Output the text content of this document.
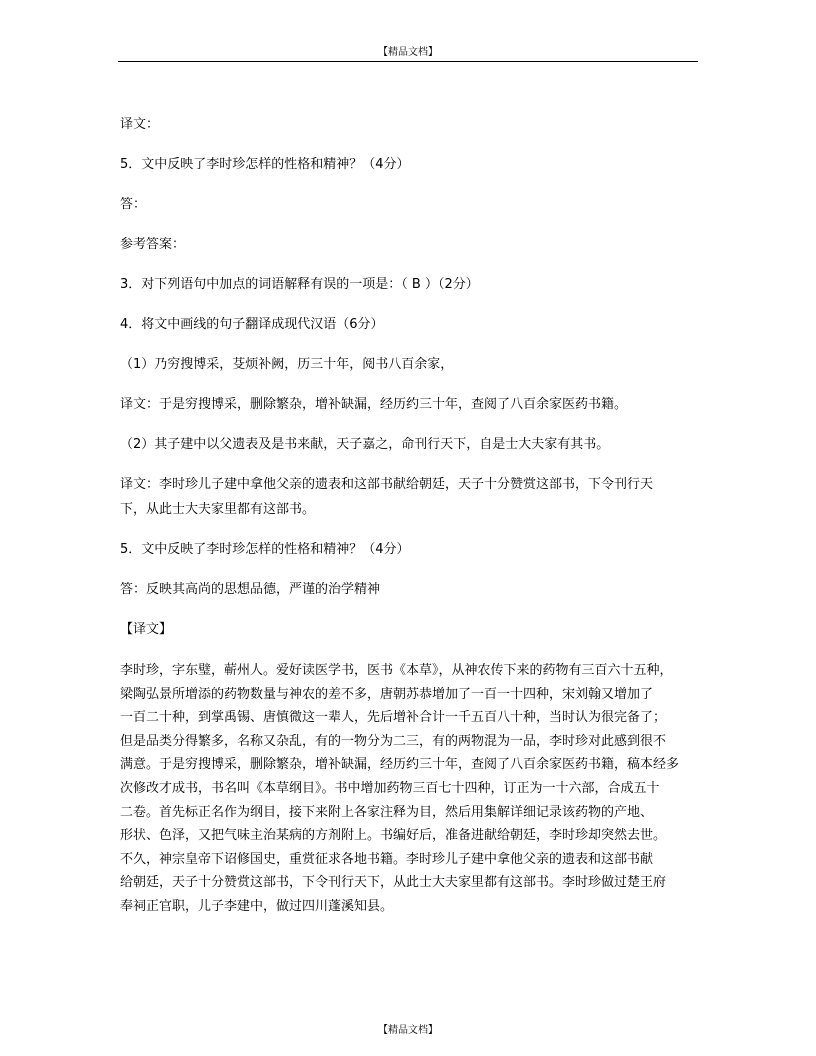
【精品文档】
译文：
5．文中反映了李时珍怎样的性格和精神？（4分）
答：
参考答案：
3．对下列语句中加点的词语解释有误的一项是：（ B ）（2分）
4．将文中画线的句子翻译成现代汉语（6分）
（1）乃穷搜博采，芟烦补阙，历三十年，阅书八百余家，
译文：于是穷搜博采，删除繁杂，增补缺漏，经历约三十年，查阅了八百余家医药书籍。
（2）其子建中以父遗表及是书来献，天子嘉之，命刊行天下，自是士大夫家有其书。
译文：李时珍儿子建中拿他父亲的遗表和这部书献给朝廷，天子十分赞赏这部书，下令刊行天
下，从此士大夫家里都有这部书。
5．文中反映了李时珍怎样的性格和精神？（4分）
答：反映其高尚的思想品德，严谨的治学精神
【译文】
李时珍，字东璧，蕲州人。爱好读医学书，医书《本草》，从神农传下来的药物有三百六十五种，
梁陶弘景所增添的药物数量与神农的差不多，唐朝苏恭增加了一百一十四种，宋刘翰又增加了
一百二十种，到掌禹锡、唐慎微这一辈人，先后增补合计一千五百八十种，当时认为很完备了；
但是品类分得繁多，名称又杂乱，有的一物分为二三，有的两物混为一品，李时珍对此感到很不
满意。于是穷搜博采，删除繁杂，增补缺漏，经历约三十年，查阅了八百余家医药书籍，稿本经多
次修改才成书，书名叫《本草纲目》。书中增加药物三百七十四种，订正为一十六部，合成五十
二卷。首先标正名作为纲目，接下来附上各家注释为目，然后用集解详细记录该药物的产地、
形状、色泽，又把气味主治某病的方剂附上。书编好后，准备进献给朝廷，李时珍却突然去世。
不久，神宗皇帝下诏修国史，重赏征求各地书籍。李时珍儿子建中拿他父亲的遗表和这部书献
给朝廷，天子十分赞赏这部书，下令刊行天下，从此士大夫家里都有这部书。李时珍做过楚王府
奉祠正官职，儿子李建中，做过四川蓬溪知县。
【精品文档】
